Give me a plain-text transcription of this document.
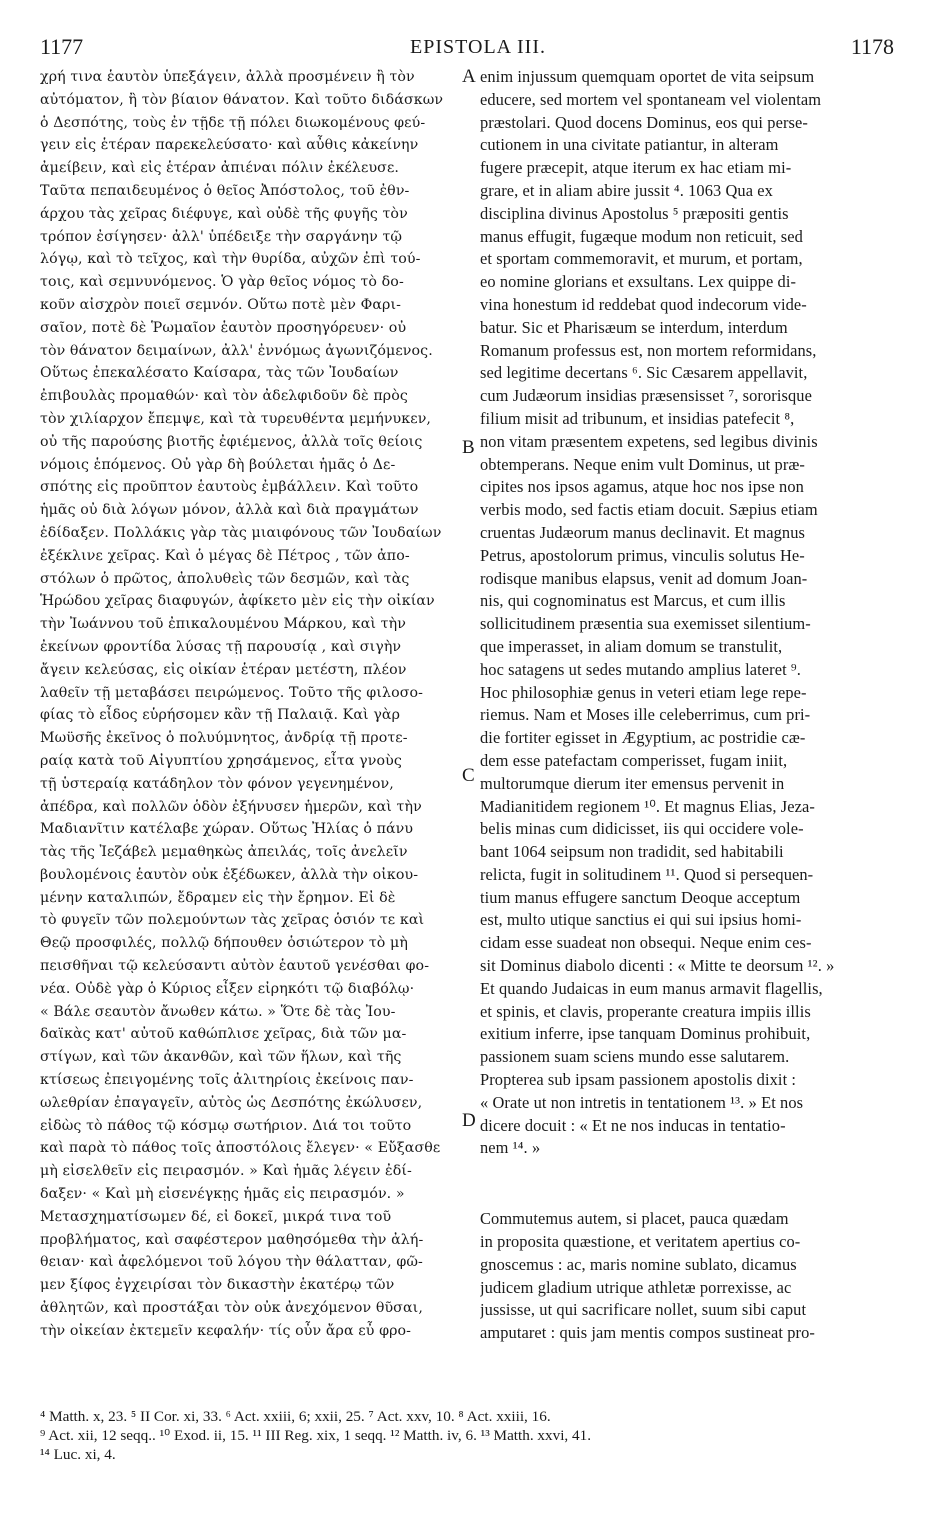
1177	EPISTOLA III.	1178
χρή τινα ἑαυτὸν ὑπεξάγειν, ἀλλὰ προσμένειν ἢ τὸν
αὐτόματον, ἢ τὸν βίαιον θάνατον. Καὶ τοῦτο διδάσκων
ὁ Δεσπότης, τοὺς ἐν τῇδε τῇ πόλει διωκομένους φεύ-
γειν εἰς ἑτέραν παρεκελεύσατο· καὶ αὖθις κἀκείνην
ἀμείβειν, καὶ εἰς ἑτέραν ἀπιέναι πόλιν ἐκέλευσε.
Ταῦτα πεπαιδευμένος ὁ θεῖος Ἀπόστολος, τοῦ ἐθν-
άρχου τὰς χεῖρας διέφυγε, καὶ οὐδὲ τῆς φυγῆς τὸν
τρόπον ἐσίγησεν· ἀλλ' ὑπέδειξε τὴν σαργάνην τῷ
λόγῳ, καὶ τὸ τεῖχος, καὶ τὴν θυρίδα, αὐχῶν ἐπὶ τού-
τοις, καὶ σεμνυνόμενος. Ὁ γὰρ θεῖος νόμος τὸ δο-
κοῦν αἰσχρὸν ποιεῖ σεμνόν. Οὕτω ποτὲ μὲν Φαρι-
σαῖον, ποτὲ δὲ Ῥωμαῖον ἑαυτὸν προσηγόρευεν· οὐ
τὸν θάνατον δειμαίνων, ἀλλ' ἐννόμως ἀγωνιζόμενος.
Οὕτως ἐπεκαλέσατο Καίσαρα, τὰς τῶν Ἰουδαίων
ἐπιβουλὰς προμαθών· καὶ τὸν ἀδελφιδοῦν δὲ πρὸς
τὸν χιλίαρχον ἔπεμψε, καὶ τὰ τυρευθέντα μεμήνυκεν,
οὐ τῆς παρούσης βιοτῆς ἐφιέμενος, ἀλλὰ τοῖς θείοις
νόμοις ἑπόμενος. Οὐ γὰρ δὴ βούλεται ἡμᾶς ὁ Δε-
σπότης εἰς προῦπτον ἑαυτοὺς ἐμβάλλειν. Καὶ τοῦτο
ἡμᾶς οὐ διὰ λόγων μόνον, ἀλλὰ καὶ διὰ πραγμάτων
ἐδίδαξεν. Πολλάκις γὰρ τὰς μιαιφόνους τῶν Ἰουδαίων
ἐξέκλινε χεῖρας. Καὶ ὁ μέγας δὲ Πέτρος , τῶν ἀπο-
στόλων ὁ πρῶτος, ἀπολυθεὶς τῶν δεσμῶν, καὶ τὰς
Ἡρώδου χεῖρας διαφυγών, ἀφίκετο μὲν εἰς τὴν οἰκίαν
τὴν Ἰωάννου τοῦ ἐπικαλουμένου Μάρκου, καὶ τὴν
ἐκείνων φροντίδα λύσας τῇ παρουσίᾳ , καὶ σιγὴν
ἄγειν κελεύσας, εἰς οἰκίαν ἑτέραν μετέστη, πλέον
λαθεῖν τῇ μεταβάσει πειρώμενος. Τοῦτο τῆς φιλοσο-
φίας τὸ εἶδος εὑρήσομεν κἂν τῇ Παλαιᾷ. Καὶ γὰρ
Μωϋσῆς ἐκεῖνος ὁ πολυύμνητος, ἀνδρίᾳ τῇ προτε-
ραίᾳ κατὰ τοῦ Αἰγυπτίου χρησάμενος, εἶτα γνοὺς
τῇ ὑστεραίᾳ κατάδηλον τὸν φόνον γεγενημένον,
ἀπέδρα, καὶ πολλῶν ὁδὸν ἐξήνυσεν ἡμερῶν, καὶ τὴν
Μαδιανῖτιν κατέλαβε χώραν. Οὕτως Ἠλίας ὁ πάνυ
τὰς τῆς Ἰεζάβελ μεμαθηκὼς ἀπειλάς, τοῖς ἀνελεῖν
βουλομένοις ἑαυτὸν οὐκ ἐξέδωκεν, ἀλλὰ τὴν οἰκου-
μένην καταλιπών, ἔδραμεν εἰς τὴν ἔρημον. Εἰ δὲ
τὸ φυγεῖν τῶν πολεμούντων τὰς χεῖρας ὁσιόν τε καὶ
Θεῷ προσφιλές, πολλῷ δήπουθεν ὁσιώτερον τὸ μὴ
πεισθῆναι τῷ κελεύσαντι αὐτὸν ἑαυτοῦ γενέσθαι φο-
νέα. Οὐδὲ γὰρ ὁ Κύριος εἶξεν εἰρηκότι τῷ διαβόλῳ·
« Βάλε σεαυτὸν ἄνωθεν κάτω. » Ὅτε δὲ τὰς Ἰου-
δαϊκὰς κατ' αὐτοῦ καθώπλισε χεῖρας, διὰ τῶν μα-
στίγων, καὶ τῶν ἀκανθῶν, καὶ τῶν ἥλων, καὶ τῆς
κτίσεως ἐπειγομένης τοῖς ἀλιτηρίοις ἐκείνοις παν-
ωλεθρίαν ἐπαγαγεῖν, αὐτὸς ὡς Δεσπότης ἐκώλυσεν,
εἰδὼς τὸ πάθος τῷ κόσμῳ σωτήριον. Διά τοι τοῦτο
καὶ παρὰ τὸ πάθος τοῖς ἀποστόλοις ἔλεγεν· « Εὔξασθε
μὴ εἰσελθεῖν εἰς πειρασμόν. » Καὶ ἡμᾶς λέγειν ἐδί-
δαξεν· « Καὶ μὴ εἰσενέγκῃς ἡμᾶς εἰς πειρασμόν. »
Μετασχηματίσωμεν δέ, εἰ δοκεῖ, μικρά τινα τοῦ
προβλήματος, καὶ σαφέστερον μαθησόμεθα τὴν ἀλή-
θειαν· καὶ ἀφελόμενοι τοῦ λόγου τὴν θάλατταν, φῶ-
μεν ξίφος ἐγχειρίσαι τὸν δικαστὴν ἑκατέρῳ τῶν
ἀθλητῶν, καὶ προστάξαι τὸν οὐκ ἀνεχόμενον θῦσαι,
τὴν οἰκείαν ἐκτεμεῖν κεφαλήν· τίς οὖν ἄρα εὖ φρο-
enim injussum quemquam oportet de vita seipsum
educere, sed mortem vel spontaneam vel violentam
præstolari. Quod docens Dominus, eos qui perse-
cutionem in una civitate patiantur, in alteram
fugere præcepit, atque iterum ex hac etiam mi-
grare, et in aliam abire jussit ⁴. 1063 Qua ex
disciplina divinus Apostolus ⁵ præpositi gentis
manus effugit, fugæque modum non reticuit, sed
et sportam commemoravit, et murum, et portam,
eo nomine glorians et exsultans. Lex quippe di-
vina honestum id reddebat quod indecorum vide-
batur. Sic et Pharisæum se interdum, interdum
Romanum professus est, non mortem reformidans,
sed legitime decertans ⁶. Sic Cæsarem appellavit,
cum Judæorum insidias præsensisset ⁷, sororisque
filium misit ad tribunum, et insidias patefecit ⁸,
non vitam præsentem expetens, sed legibus divinis
obtemperans. Neque enim vult Dominus, ut præ-
cipites nos ipsos agamus, atque hoc nos ipse non
verbis modo, sed factis etiam docuit. Sæpius etiam
cruentas Judæorum manus declinavit. Et magnus
Petrus, apostolorum primus, vinculis solutus He-
rodisque manibus elapsus, venit ad domum Joan-
nis, qui cognominatus est Marcus, et cum illis
sollicitudinem præsentia sua exemisset silentium-
que imperasset, in aliam domum se transtulit,
hoc satagens ut sedes mutando amplius lateret ⁹.
Hoc philosophiæ genus in veteri etiam lege repe-
riemus. Nam et Moses ille celeberrimus, cum pri-
die fortiter egisset in Ægyptium, ac postridie cæ-
dem esse patefactam comperisset, fugam iniit,
multorumque dierum iter emensus pervenit in
Madianitidem regionem ¹⁰. Et magnus Elias, Jeza-
belis minas cum didicisset, iis qui occidere vole-
bant 1064 seipsum non tradidit, sed habitabili
relicta, fugit in solitudinem ¹¹. Quod si persequen-
tium manus effugere sanctum Deoque acceptum
est, multo utique sanctius ei qui sui ipsius homi-
cidam esse suadeat non obsequi. Neque enim ces-
sit Dominus diabolo dicenti : « Mitte te deorsum ¹². »
Et quando Judaicas in eum manus armavit flagellis,
et spinis, et clavis, properante creatura impiis illis
exitium inferre, ipse tanquam Dominus prohibuit,
passionem suam sciens mundo esse salutarem.
Propterea sub ipsam passionem apostolis dixit :
« Orate ut non intretis in tentationem ¹³. » Et nos
dicere docuit : « Et ne nos inducas in tentatio-
nem ¹⁴. »
Commutemus autem, si placet, pauca quædam
in proposita quæstione, et veritatem apertius co-
gnoscemus : ac, maris nomine sublato, dicamus
judicem gladium utrique athletæ porrexisse, ac
jussisse, ut qui sacrificare nollet, suum sibi caput
amputaret : quis jam mentis compos sustineat pro-
A
B
C
D
⁴ Matth. x, 23. ⁵ II Cor. xi, 33. ⁶ Act. xxiii, 6; xxii, 25. ⁷ Act. xxv, 10. ⁸ Act. xxiii, 16.
⁹ Act. xii, 12 seqq.. ¹⁰ Exod. ii, 15. ¹¹ III Reg. xix, 1 seqq. ¹² Matth. iv, 6. ¹³ Matth. xxvi, 41.
¹⁴ Luc. xi, 4.
